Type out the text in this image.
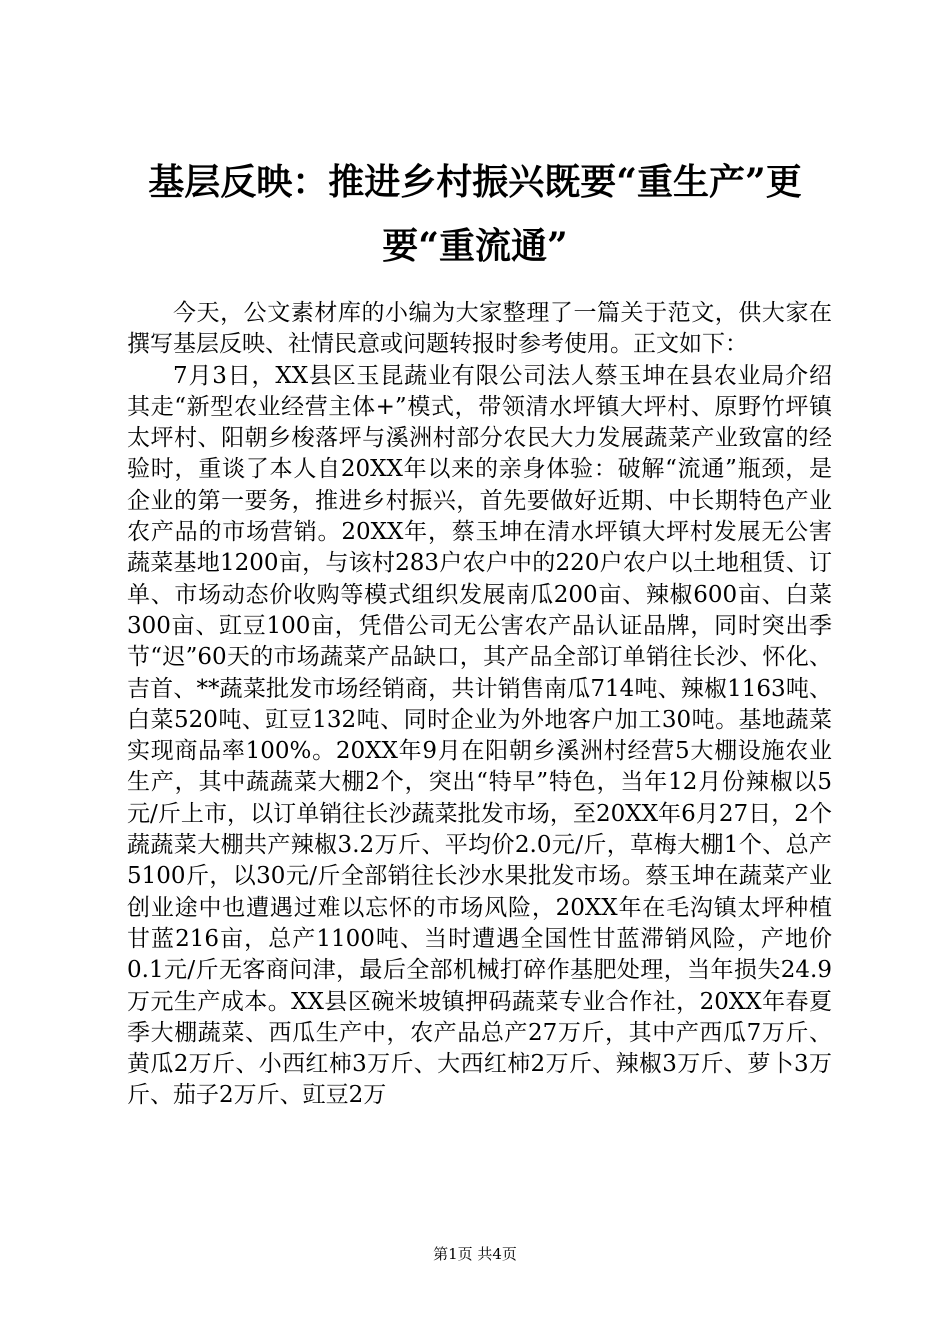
基层反映：推进乡村振兴既要“重生产”更要“重流通”

今天，公文素材库的小编为大家整理了一篇关于范文，供大家在撰写基层反映、社情民意或问题转报时参考使用。正文如下：

7月3日，XX县区玉昆蔬业有限公司法人蔡玉坤在县农业局介绍其走“新型农业经营主体+”模式，带领清水坪镇大坪村、原野竹坪镇太坪村、阳朝乡梭落坪与溪洲村部分农民大力发展蔬菜产业致富的经验时，重谈了本人自20XX年以来的亲身体验：破解“流通”瓶颈，是企业的第一要务，推进乡村振兴，首先要做好近期、中长期特色产业农产品的市场营销。20XX年，蔡玉坤在清水坪镇大坪村发展无公害蔬菜基地1200亩，与该村283户农户中的220户农户以土地租赁、订单、市场动态价收购等模式组织发展南瓜200亩、辣椒600亩、白菜300亩、豇豆100亩，凭借公司无公害农产品认证品牌，同时突出季节“迟”60天的市场蔬菜产品缺口，其产品全部订单销往长沙、怀化、吉首、**蔬菜批发市场经销商，共计销售南瓜714吨、辣椒1163吨、白菜520吨、豇豆132吨、同时企业为外地客户加工30吨。基地蔬菜实现商品率100%。20XX年9月在阳朝乡溪洲村经营5大棚设施农业生产，其中蔬蔬菜大棚2个，突出“特早”特色，当年12月份辣椒以5元/斤上市，以订单销往长沙蔬菜批发市场，至20XX年6月27日，2个蔬蔬菜大棚共产辣椒3.2万斤、平均价2.0元/斤，草梅大棚1个、总产5100斤，以30元/斤全部销往长沙水果批发市场。蔡玉坤在蔬菜产业创业途中也遭遇过难以忘怀的市场风险，20XX年在毛沟镇太坪种植甘蓝216亩，总产1100吨、当时遭遇全国性甘蓝滞销风险，产地价0.1元/斤无客商问津，最后全部机械打碎作基肥处理，当年损失24.9万元生产成本。XX县区碗米坡镇押码蔬菜专业合作社，20XX年春夏季大棚蔬菜、西瓜生产中，农产品总产27万斤，其中产西瓜7万斤、黄瓜2万斤、小西红柿3万斤、大西红柿2万斤、辣椒3万斤、萝卜3万斤、茄子2万斤、豇豆2万

第1页 共4页
